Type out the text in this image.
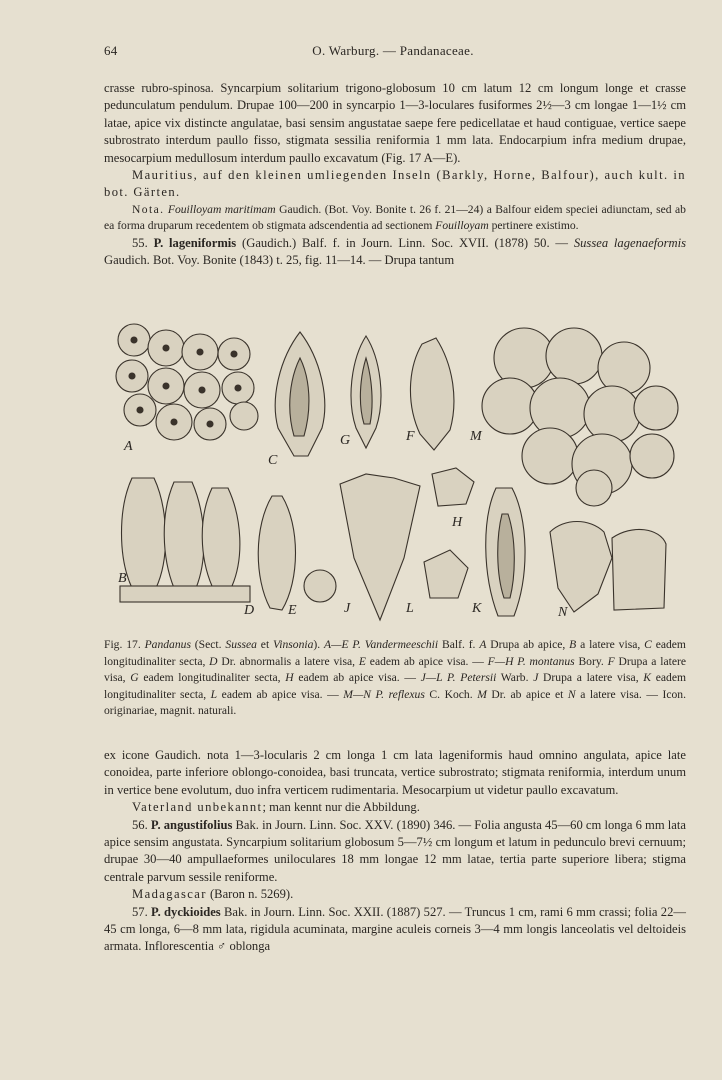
64	O. Warburg. — Pandanaceae.

crasse rubro-spinosa. Syncarpium solitarium trigono-globosum 10 cm latum 12 cm longum longe et crasse pedunculatum pendulum. Drupae 100—200 in syncarpio 1—3-loculares fusiformes 2½—3 cm longae 1—1½ cm latae, apice vix distincte angulatae, basi sensim angustatae saepe fere pedicellatae et haud contiguae, vertice saepe subrostrato interdum paullo fisso, stigmata sessilia reniformia 1 mm lata. Endocarpium infra medium drupae, mesocarpium medullosum interdum paullo excavatum (Fig. 17 A—E).

Mauritius, auf den kleinen umliegenden Inseln (Barkly, Horne, Balfour), auch kult. in bot. Gärten.

Nota. Fouilloyam maritimam Gaudich. (Bot. Voy. Bonite t. 26 f. 21—24) a Balfour eidem speciei adiunctam, sed ab ea forma druparum recedentem ob stigmata adscendentia ad sectionem Fouilloyam pertinere existimo.

55. P. lageniformis (Gaudich.) Balf. f. in Journ. Linn. Soc. XVII. (1878) 50. — Sussea lagenaeformis Gaudich. Bot. Voy. Bonite (1843) t. 25, fig. 11—14. — Drupa tantum

A
C
G	F	M
B
D E	J
H
L	K	N

Fig. 17. Pandanus (Sect. Sussea et Vinsonia). A—E P. Vandermeeschii Balf. f. A Drupa ab apice, B a latere visa, C eadem longitudinaliter secta, D Dr. abnormalis a latere visa, E eadem ab apice visa. — F—H P. montanus Bory. F Drupa a latere visa, G eadem longitudinaliter secta, H eadem ab apice visa. — J—L P. Petersii Warb. J Drupa a latere visa, K eadem longitudinaliter secta, L eadem ab apice visa. — M—N P. reflexus C. Koch. M Dr. ab apice et N a latere visa. — Icon. originariae, magnit. naturali.

ex icone Gaudich. nota 1—3-locularis 2 cm longa 1 cm lata lageniformis haud omnino angulata, apice late conoidea, parte inferiore oblongo-conoidea, basi truncata, vertice subrostrato; stigmata reniformia, interdum unum in vertice bene evolutum, duo infra verticem rudimentaria. Mesocarpium ut videtur paullo excavatum.

Vaterland unbekannt; man kennt nur die Abbildung.

56. P. angustifolius Bak. in Journ. Linn. Soc. XXV. (1890) 346. — Folia angusta 45—60 cm longa 6 mm lata apice sensim angustata. Syncarpium solitarium globosum 5—7½ cm longum et latum in pedunculo brevi cernuum; drupae 30—40 ampullaeformes uniloculares 18 mm longae 12 mm latae, tertia parte superiore libera; stigma centrale parvum sessile reniforme.

Madagascar (Baron n. 5269).

57. P. dyckioides Bak. in Journ. Linn. Soc. XXII. (1887) 527. — Truncus 1 cm, rami 6 mm crassi; folia 22—45 cm longa, 6—8 mm lata, rigidula acuminata, margine aculeis corneis 3—4 mm longis lanceolatis vel deltoideis armata. Inflorescentia ♂ oblonga
